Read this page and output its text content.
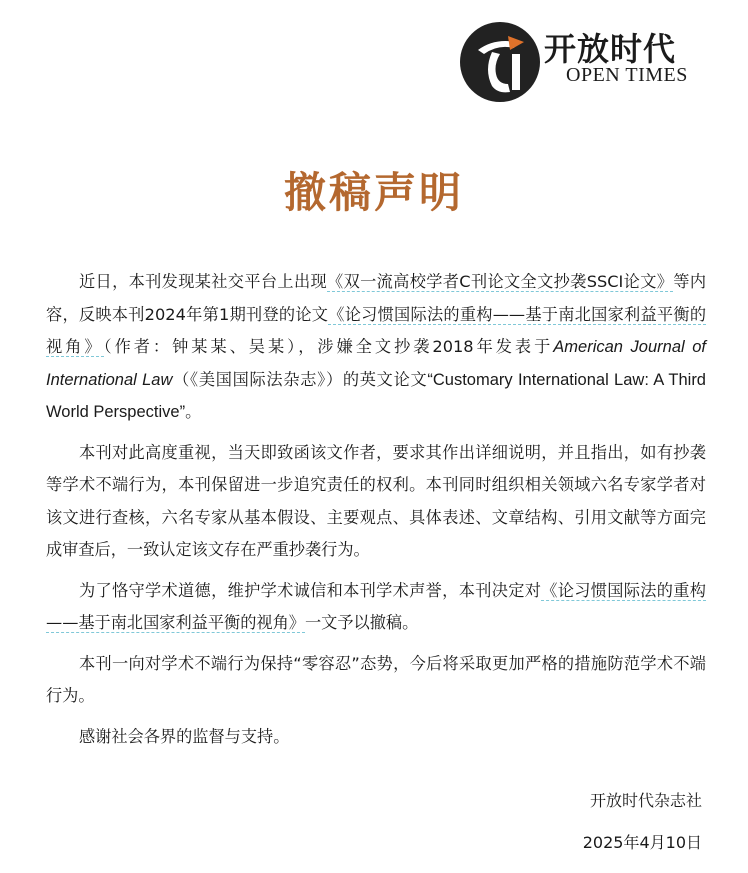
开放时代
OPEN TIMES
撤稿声明

近日，本刊发现某社交平台上出现《双一流高校学者C刊论文全文抄袭SSCI论文》等内容，反映本刊2024年第1期刊登的论文《论习惯国际法的重构——基于南北国家利益平衡的视角》（作者：钟某某、吴某），涉嫌全文抄袭2018年发表于American Journal of International Law（《美国国际法杂志》）的英文论文“Customary International Law: A Third World Perspective”。

本刊对此高度重视，当天即致函该文作者，要求其作出详细说明，并且指出，如有抄袭等学术不端行为，本刊保留进一步追究责任的权利。本刊同时组织相关领域六名专家学者对该文进行查核，六名专家从基本假设、主要观点、具体表述、文章结构、引用文献等方面完成审查后，一致认定该文存在严重抄袭行为。

为了恪守学术道德，维护学术诚信和本刊学术声誉，本刊决定对《论习惯国际法的重构——基于南北国家利益平衡的视角》一文予以撤稿。

本刊一向对学术不端行为保持“零容忍”态势，今后将采取更加严格的措施防范学术不端行为。

感谢社会各界的监督与支持。

开放时代杂志社
2025年4月10日
